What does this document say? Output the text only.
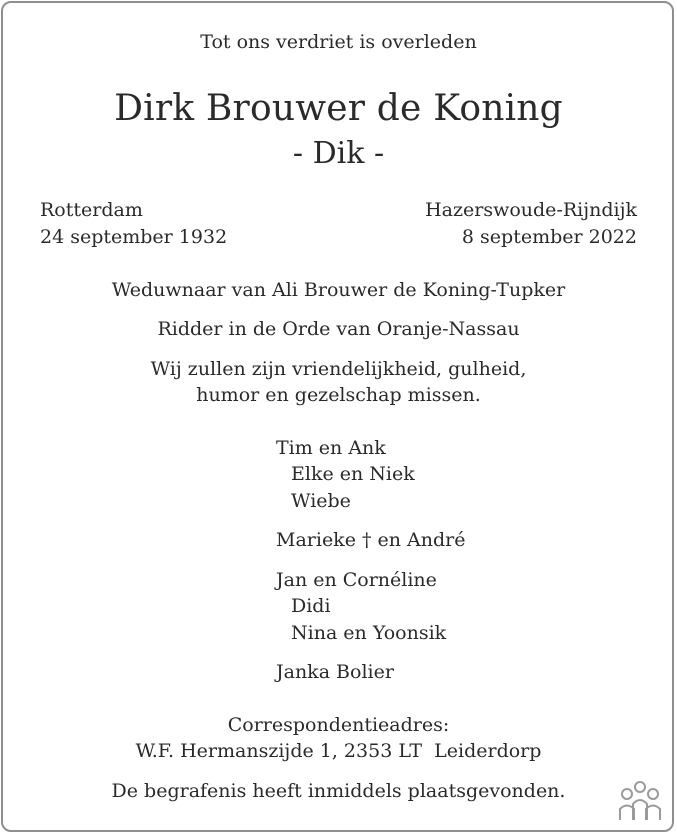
Tot ons verdriet is overleden
Dirk Brouwer de Koning
- Dik -
Rotterdam
24 september 1932
Hazerswoude-Rijndijk
8 september 2022
Weduwnaar van Ali Brouwer de Koning-Tupker
Ridder in de Orde van Oranje-Nassau
Wij zullen zijn vriendelijkheid, gulheid,
humor en gezelschap missen.
Tim en Ank
Elke en Niek
Wiebe
Marieke † en André
Jan en Cornéline
Didi
Nina en Yoonsik
Janka Bolier
Correspondentieadres:
W.F. Hermanszijde 1, 2353 LT  Leiderdorp
De begrafenis heeft inmiddels plaatsgevonden.
